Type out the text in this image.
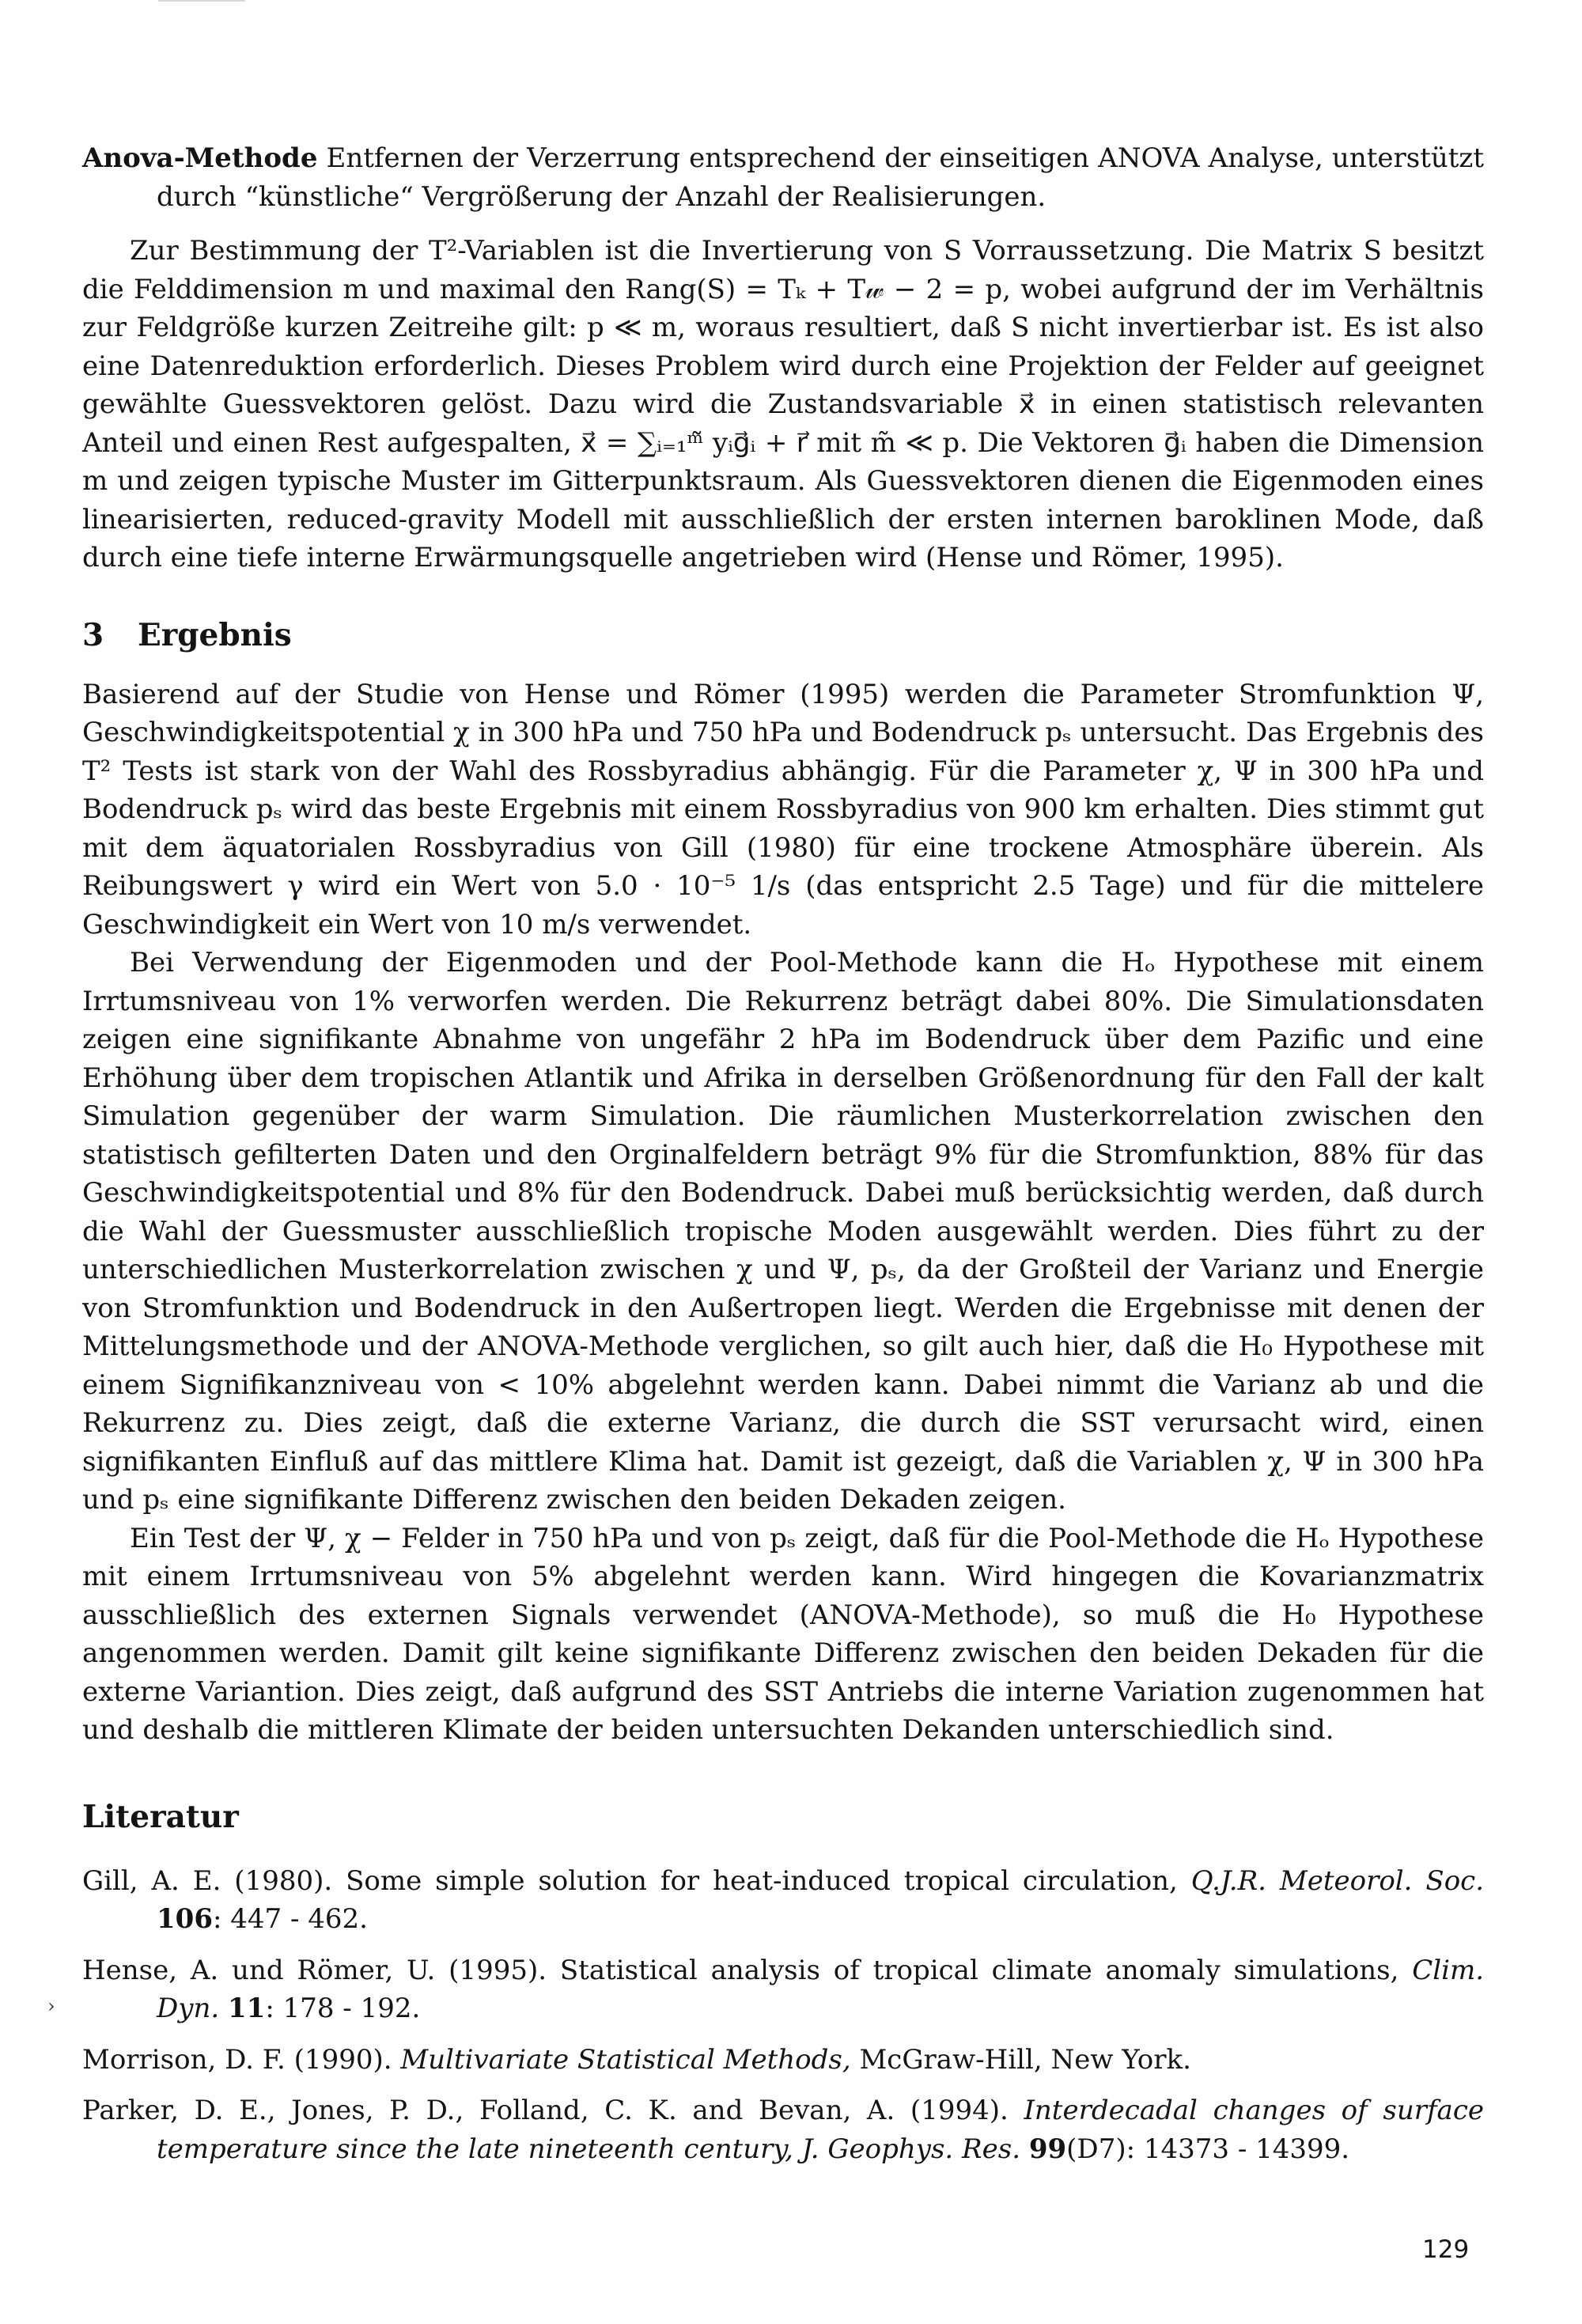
Anova-Methode Entfernen der Verzerrung entsprechend der einseitigen ANOVA Analyse, unterstützt durch “künstliche“ Vergrößerung der Anzahl der Realisierungen.

Zur Bestimmung der T²-Variablen ist die Invertierung von S Vorraussetzung. Die Matrix S besitzt die Felddimension m und maximal den Rang(S) = Tₖ + T𝓌 − 2 = p, wobei aufgrund der im Verhältnis zur Feldgröße kurzen Zeitreihe gilt: p ≪ m, woraus resultiert, daß S nicht invertierbar ist. Es ist also eine Datenreduktion erforderlich. Dieses Problem wird durch eine Projektion der Felder auf geeignet gewählte Guessvektoren gelöst. Dazu wird die Zustandsvariable x⃗ in einen statistisch relevanten Anteil und einen Rest aufgespalten, x⃗ = ∑ᵢ₌₁ᵐ̃ yᵢg⃗ᵢ + r⃗ mit m̃ ≪ p. Die Vektoren g⃗ᵢ haben die Dimension m und zeigen typische Muster im Gitterpunktsraum. Als Guessvektoren dienen die Eigenmoden eines linearisierten, reduced-gravity Modell mit ausschließlich der ersten internen baroklinen Mode, daß durch eine tiefe interne Erwärmungsquelle angetrieben wird (Hense und Römer, 1995).

3 Ergebnis

Basierend auf der Studie von Hense und Römer (1995) werden die Parameter Stromfunktion Ψ, Geschwindigkeitspotential χ in 300 hPa und 750 hPa und Bodendruck pₛ untersucht. Das Ergebnis des T² Tests ist stark von der Wahl des Rossbyradius abhängig. Für die Parameter χ, Ψ in 300 hPa und Bodendruck pₛ wird das beste Ergebnis mit einem Rossbyradius von 900 km erhalten. Dies stimmt gut mit dem äquatorialen Rossbyradius von Gill (1980) für eine trockene Atmosphäre überein. Als Reibungswert γ wird ein Wert von 5.0 · 10⁻⁵ 1/s (das entspricht 2.5 Tage) und für die mittelere Geschwindigkeit ein Wert von 10 m/s verwendet.

Bei Verwendung der Eigenmoden und der Pool-Methode kann die Hₒ Hypothese mit einem Irrtumsniveau von 1% verworfen werden. Die Rekurrenz beträgt dabei 80%. Die Simulationsdaten zeigen eine signifikante Abnahme von ungefähr 2 hPa im Bodendruck über dem Pazific und eine Erhöhung über dem tropischen Atlantik und Afrika in derselben Größenordnung für den Fall der kalt Simulation gegenüber der warm Simulation. Die räumlichen Musterkorrelation zwischen den statistisch gefilterten Daten und den Orginalfeldern beträgt 9% für die Stromfunktion, 88% für das Geschwindigkeitspotential und 8% für den Bodendruck. Dabei muß berücksichtig werden, daß durch die Wahl der Guessmuster ausschließlich tropische Moden ausgewählt werden. Dies führt zu der unterschiedlichen Musterkorrelation zwischen χ und Ψ, pₛ, da der Großteil der Varianz und Energie von Stromfunktion und Bodendruck in den Außertropen liegt. Werden die Ergebnisse mit denen der Mittelungsmethode und der ANOVA-Methode verglichen, so gilt auch hier, daß die H₀ Hypothese mit einem Signifikanzniveau von < 10% abgelehnt werden kann. Dabei nimmt die Varianz ab und die Rekurrenz zu. Dies zeigt, daß die externe Varianz, die durch die SST verursacht wird, einen signifikanten Einfluß auf das mittlere Klima hat. Damit ist gezeigt, daß die Variablen χ, Ψ in 300 hPa und pₛ eine signifikante Differenz zwischen den beiden Dekaden zeigen.

Ein Test der Ψ, χ − Felder in 750 hPa und von pₛ zeigt, daß für die Pool-Methode die Hₒ Hypothese mit einem Irrtumsniveau von 5% abgelehnt werden kann. Wird hingegen die Kovarianzmatrix ausschließlich des externen Signals verwendet (ANOVA-Methode), so muß die H₀ Hypothese angenommen werden. Damit gilt keine signifikante Differenz zwischen den beiden Dekaden für die externe Variantion. Dies zeigt, daß aufgrund des SST Antriebs die interne Variation zugenommen hat und deshalb die mittleren Klimate der beiden untersuchten Dekanden unterschiedlich sind.

Literatur

Gill, A. E. (1980). Some simple solution for heat-induced tropical circulation, Q.J.R. Meteorol. Soc. 106: 447 - 462.

Hense, A. und Römer, U. (1995). Statistical analysis of tropical climate anomaly simulations, Clim. Dyn. 11: 178 - 192.

Morrison, D. F. (1990). Multivariate Statistical Methods, McGraw-Hill, New York.

Parker, D. E., Jones, P. D., Folland, C. K. and Bevan, A. (1994). Interdecadal changes of surface temperature since the late nineteenth century, J. Geophys. Res. 99(D7): 14373 - 14399.

›
129
